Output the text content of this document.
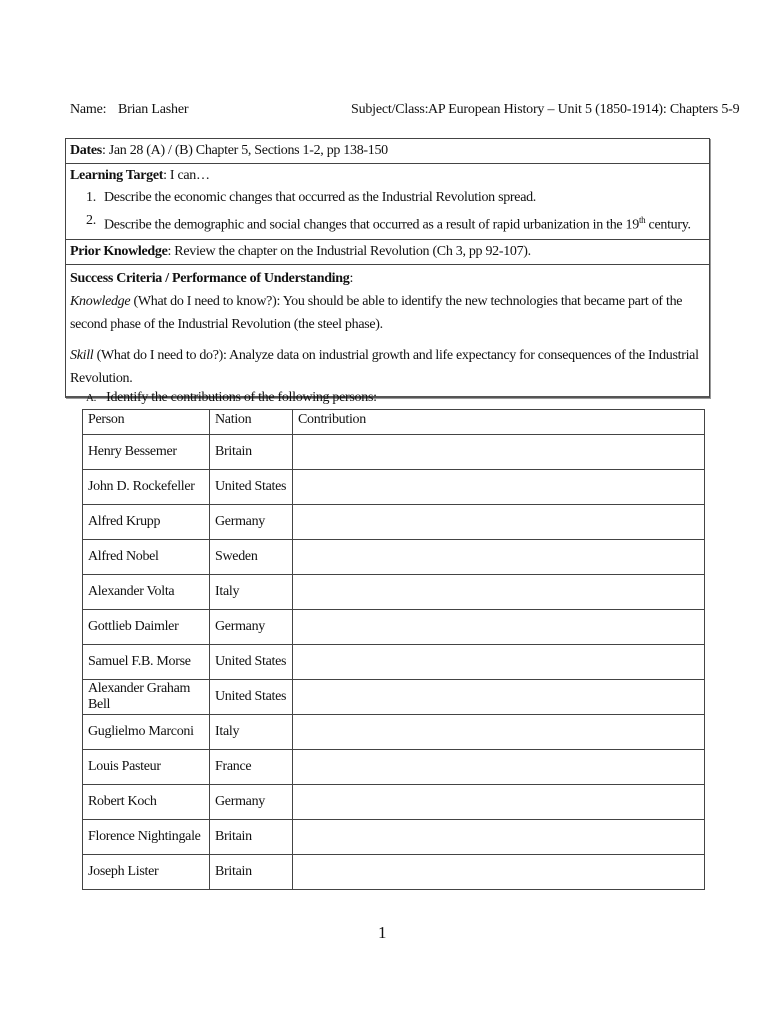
Name: Brian Lasher	Subject/Class: AP European History – Unit 5 (1850-1914): Chapters 5-9
Dates: Jan 28 (A) / (B) Chapter 5, Sections 1-2, pp 138-150
Learning Target: I can…
1. Describe the economic changes that occurred as the Industrial Revolution spread.
2. Describe the demographic and social changes that occurred as a result of rapid urbanization in the 19th century.
Prior Knowledge: Review the chapter on the Industrial Revolution (Ch 3, pp 92-107).

Success Criteria / Performance of Understanding:

Knowledge (What do I need to know?): You should be able to identify the new technologies that became part of the second phase of the Industrial Revolution (the steel phase).

Skill (What do I need to do?): Analyze data on industrial growth and life expectancy for consequences of the Industrial Revolution.

A. Identify the contributions of the following persons:
Person	Nation	Contribution
Henry Bessemer	Britain	
John D. Rockefeller	United States	
Alfred Krupp	Germany	
Alfred Nobel	Sweden	
Alexander Volta	Italy	
Gottlieb Daimler	Germany	
Samuel F.B. Morse	United States	
Alexander Graham Bell	United States	
Guglielmo Marconi	Italy	
Louis Pasteur	France	
Robert Koch	Germany	
Florence Nightingale	Britain	
Joseph Lister	Britain	
1
